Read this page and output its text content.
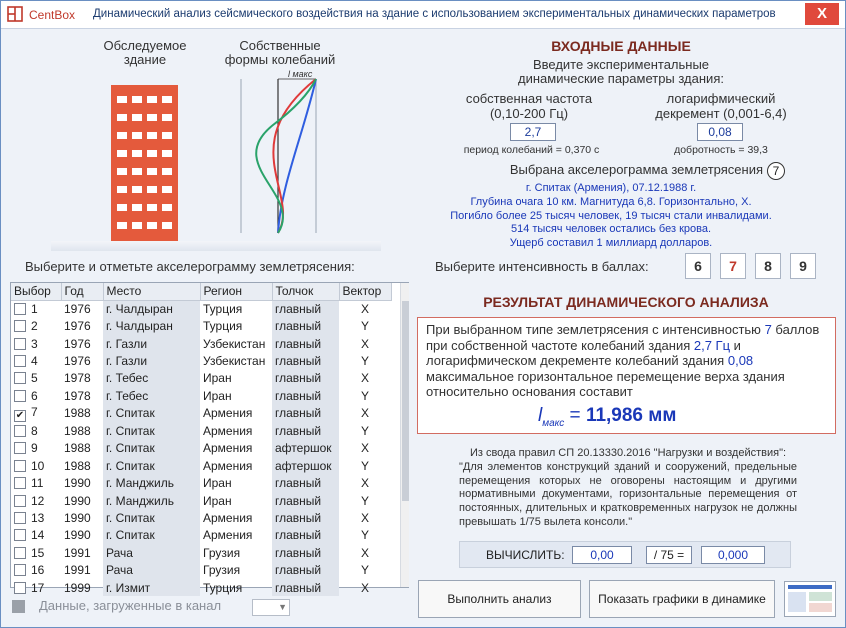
CentBox Динамический анализ сейсмического воздействия на здание с использованием экспериментальных динамических параметров	X
Обследуемое
здание
Собственные
формы колебаний
l макс
ВХОДНЫЕ ДАННЫЕ
Введите экспериментальные
динамические параметры здания:
собственная частота
(0,10-200 Гц)
логарифмический
декремент (0,001-6,4)
2,7	0,08
период колебаний = 0,370 с	добротность = 39,3
Выбрана акселерограмма землетрясения 7
г. Спитак (Армения), 07.12.1988 г.
Глубина очага 10 км. Магнитуда 6,8. Горизонтально, X.
Погибло более 25 тысяч человек, 19 тысяч стали инвалидами.
514 тысяч человек остались без крова.
Ущерб составил 1 миллиард долларов.
Выберите и отметьте акселерограмму землетрясения:	Выберите интенсивность в баллах:	6	7	8	9
Выбор	Год	Место	Регион	Толчок	Вектор
1	1976	г. Чалдыран	Турция	главный	X
2	1976	г. Чалдыран	Турция	главный	Y
3	1976	г. Газли	Узбекистан	главный	X
4	1976	г. Газли	Узбекистан	главный	Y
5	1978	г. Тебес	Иран	главный	X
6	1978	г. Тебес	Иран	главный	Y
✔ 7	1988	г. Спитак	Армения	главный	X
8	1988	г. Спитак	Армения	главный	Y
9	1988	г. Спитак	Армения	афтершок	X
10	1988	г. Спитак	Армения	афтершок	Y
11	1990	г. Манджиль	Иран	главный	X
12	1990	г. Манджиль	Иран	главный	Y
13	1990	г. Спитак	Армения	главный	X
14	1990	г. Спитак	Армения	главный	Y
15	1991	Рача	Грузия	главный	X
16	1991	Рача	Грузия	главный	Y
17	1999	г. Измит	Турция	главный	X
РЕЗУЛЬТАТ ДИНАМИЧЕСКОГО АНАЛИЗА
При выбранном типе землетрясения с интенсивностью 7 баллов при собственной частоте колебаний здания 2,7 Гц и логарифмическом декременте колебаний здания 0,08 максимальное горизонтальное перемещение верха здания относительно основания составит
$l_{макс} = 11,986$ мм
Из свода правил СП 20.13330.2016 "Нагрузки и воздействия":
"Для элементов конструкций зданий и сооружений, предельные перемещения которых не оговорены настоящим и другими нормативными документами, горизонтальные перемещения от постоянных, длительных и кратковременных нагрузок не должны превышать 1/75 вылета консоли."
ВЫЧИСЛИТЬ:	0,00	/ 75 =	0,000
Выполнить анализ	Показать графики в динамике
Данные, загруженные в канал	▼
